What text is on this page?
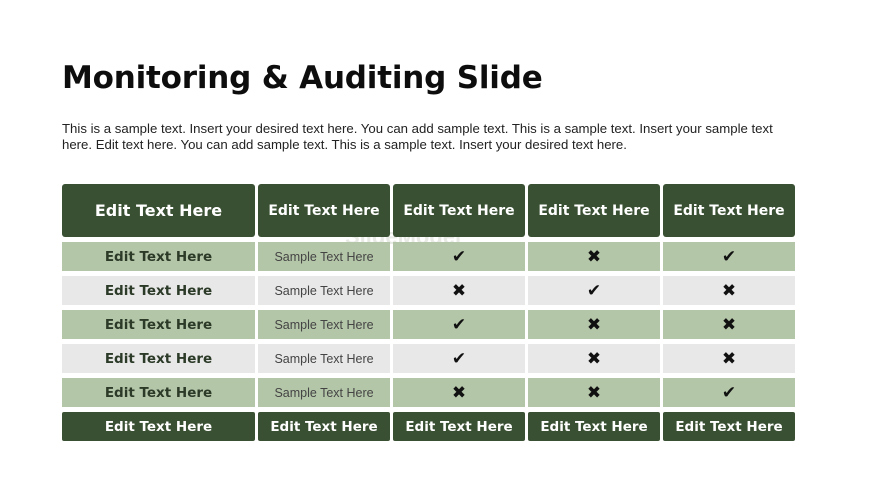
Monitoring & Auditing Slide
This is a sample text. Insert your desired text here. You can add sample text. This is a sample text. Insert your sample text here. Edit text here. You can add sample text. This is a sample text. Insert your desired text here.
Edit Text Here	Edit Text Here	Edit Text Here	Edit Text Here	Edit Text Here
Edit Text Here	Sample Text Here	✔	✖	✔
Edit Text Here	Sample Text Here	✖	✔	✖
Edit Text Here	Sample Text Here	✔	✖	✖
Edit Text Here	Sample Text Here	✔	✖	✖
Edit Text Here	Sample Text Here	✖	✖	✔
Edit Text Here	Edit Text Here	Edit Text Here	Edit Text Here	Edit Text Here
